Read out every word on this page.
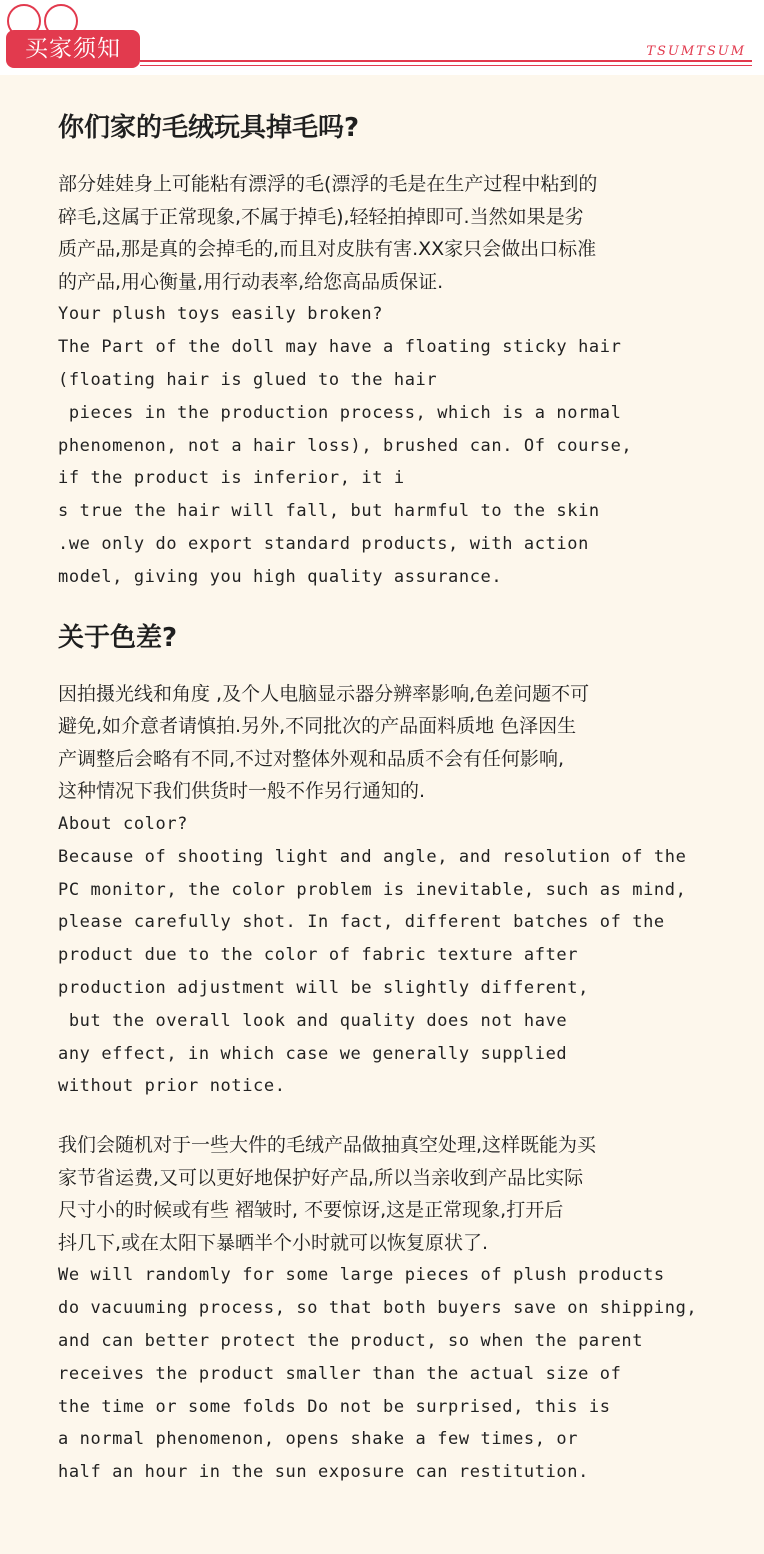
买家须知	TSUMTSUM
你们家的毛绒玩具掉毛吗?
部分娃娃身上可能粘有漂浮的毛(漂浮的毛是在生产过程中粘到的
碎毛,这属于正常现象,不属于掉毛),轻轻拍掉即可.当然如果是劣
质产品,那是真的会掉毛的,而且对皮肤有害.XX家只会做出口标准
的产品,用心衡量,用行动表率,给您高品质保证.
Your plush toys easily broken?
The Part of the doll may have a floating sticky hair
(floating hair is glued to the hair
pieces in the production process, which is a normal
phenomenon, not a hair loss), brushed can. Of course,
if the product is inferior, it i
s true the hair will fall, but harmful to the skin
.we only do export standard products, with action
model, giving you high quality assurance.
关于色差?
因拍摄光线和角度 ,及个人电脑显示器分辨率影响,色差问题不可
避免,如介意者请慎拍.另外,不同批次的产品面料质地 色泽因生
产调整后会略有不同,不过对整体外观和品质不会有任何影响,
这种情况下我们供货时一般不作另行通知的.
About color?
Because of shooting light and angle, and resolution of the
PC monitor, the color problem is inevitable, such as mind,
please carefully shot. In fact, different batches of the
product due to the color of fabric texture after
production adjustment will be slightly different,
but the overall look and quality does not have
any effect, in which case we generally supplied
without prior notice.
我们会随机对于一些大件的毛绒产品做抽真空处理,这样既能为买
家节省运费,又可以更好地保护好产品,所以当亲收到产品比实际
尺寸小的时候或有些 褶皱时, 不要惊讶,这是正常现象,打开后
抖几下,或在太阳下暴晒半个小时就可以恢复原状了.
We will randomly for some large pieces of plush products
do vacuuming process, so that both buyers save on shipping,
and can better protect the product, so when the parent
receives the product smaller than the actual size of
the time or some folds Do not be surprised, this is
a normal phenomenon, opens shake a few times, or
half an hour in the sun exposure can restitution.
